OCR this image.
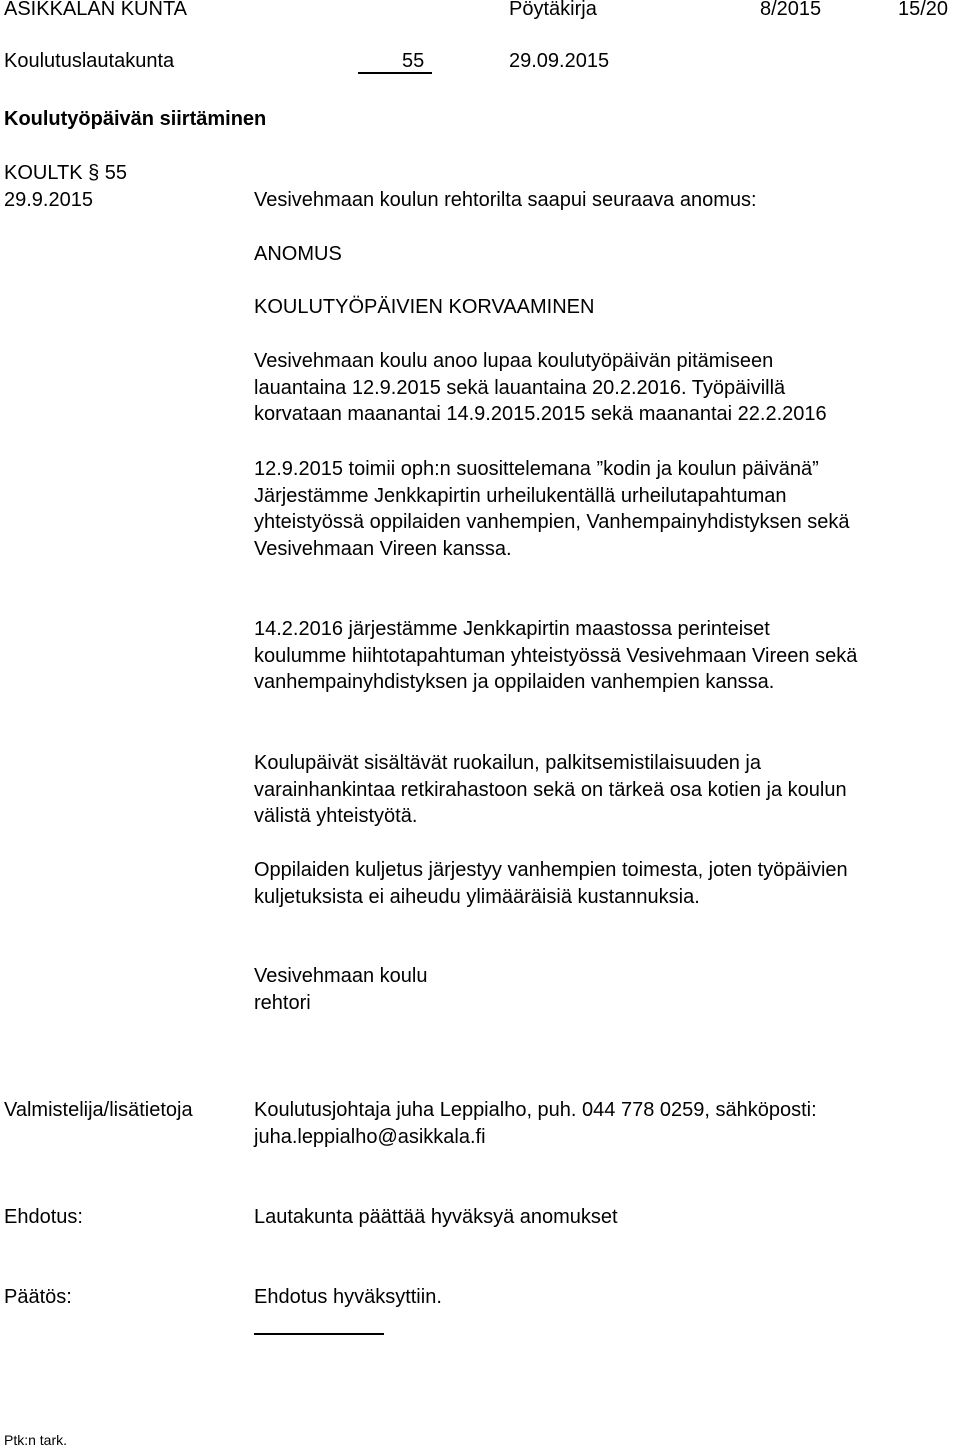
ASIKKALAN KUNTA	Pöytäkirja	8/2015	15/20
Koulutuslautakunta	55	29.09.2015
Koulutyöpäivän siirtäminen
KOULTK § 55
29.9.2015	Vesivehmaan koulun rehtorilta saapui seuraava anomus:
ANOMUS
KOULUTYÖPÄIVIEN KORVAAMINEN
Vesivehmaan koulu anoo lupaa koulutyöpäivän pitämiseen
lauantaina 12.9.2015 sekä lauantaina 20.2.2016. Työpäivillä
korvataan maanantai 14.9.2015.2015 sekä maanantai 22.2.2016
12.9.2015 toimii oph:n suosittelemana ”kodin ja koulun päivänä”
Järjestämme Jenkkapirtin urheilukentällä urheilutapahtuman
yhteistyössä oppilaiden vanhempien, Vanhempainyhdistyksen sekä
Vesivehmaan Vireen kanssa.
14.2.2016 järjestämme Jenkkapirtin maastossa perinteiset
koulumme hiihtotapahtuman yhteistyössä Vesivehmaan Vireen sekä
vanhempainyhdistyksen ja oppilaiden vanhempien kanssa.
Koulupäivät sisältävät ruokailun, palkitsemistilaisuuden ja
varainhankintaa retkirahastoon sekä on tärkeä osa kotien ja koulun
välistä yhteistyötä.
Oppilaiden kuljetus järjestyy vanhempien toimesta, joten työpäivien
kuljetuksista ei aiheudu ylimääräisiä kustannuksia.
Vesivehmaan koulu
rehtori
Valmistelija/lisätietoja	Koulutusjohtaja juha Leppialho, puh. 044 778 0259, sähköposti:
juha.leppialho@asikkala.fi
Ehdotus:	Lautakunta päättää hyväksyä anomukset
Päätös:	Ehdotus hyväksyttiin.
Ptk:n tark.
